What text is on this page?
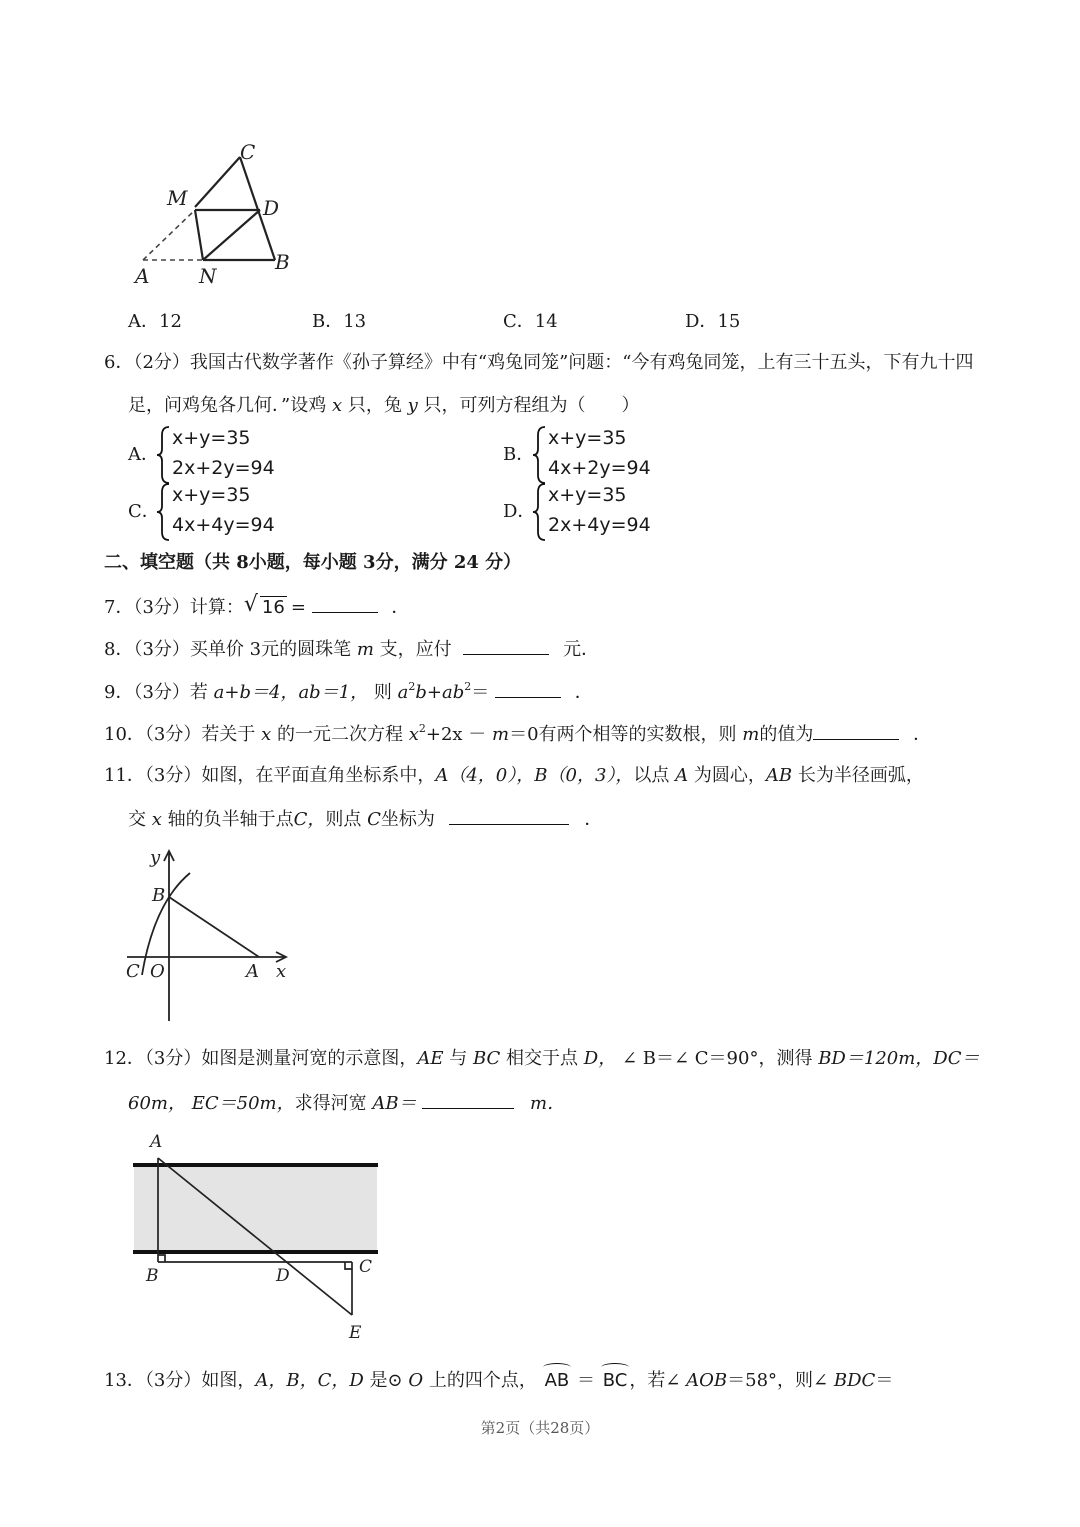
C
M	D
A N
B
A．12	B．13	C．14	D．15
6．（2分）我国古代数学著作《孙子算经》中有“鸡兔同笼”问题：“今有鸡兔同笼，上有三十五头，下有九十四
足，问鸡兔各几何．”设鸡 x 只，兔 y 只，可列方程组为（　　）
A．
x+y=35
2x+2y=94
B．
x+y=35
4x+2y=94
C．
x+y=35
4x+4y=94
D．
x+y=35
2x+4y=94
二、填空题（共 8小题，每小题 3分，满分 24 分）
7．（3分）计算： √ 16 =	．
8．（3分）买单价 3元的圆珠笔 m 支，应付	元．
9．（3分）若 a+b＝4，ab＝1， 则 $a^2b+ab^2=$	．
10．（3分）若关于 x 的一元二次方程 $x^2+2x - m=0$有两个相等的实数根，则 m的值为	．
11．（3分）如图，在平面直角坐标系中，A（4，0），B（0，3），以点 A 为圆心，AB 长为半径画弧，
交 x 轴的负半轴于点C，则点 C坐标为	．
y
B
C O	A x
12．（3分）如图是测量河宽的示意图，AE 与 BC 相交于点 D， ∠ B＝∠ C＝90°，测得 BD＝120m，DC＝
60m， EC＝50m，求得河宽 AB＝	m．
A
B	D	C
E
13．（3分）如图，A，B，C，D 是⊙ O 上的四个点， AB ＝ BC ，若∠ AOB＝58°，则∠ BDC＝
第2页（共28页）
